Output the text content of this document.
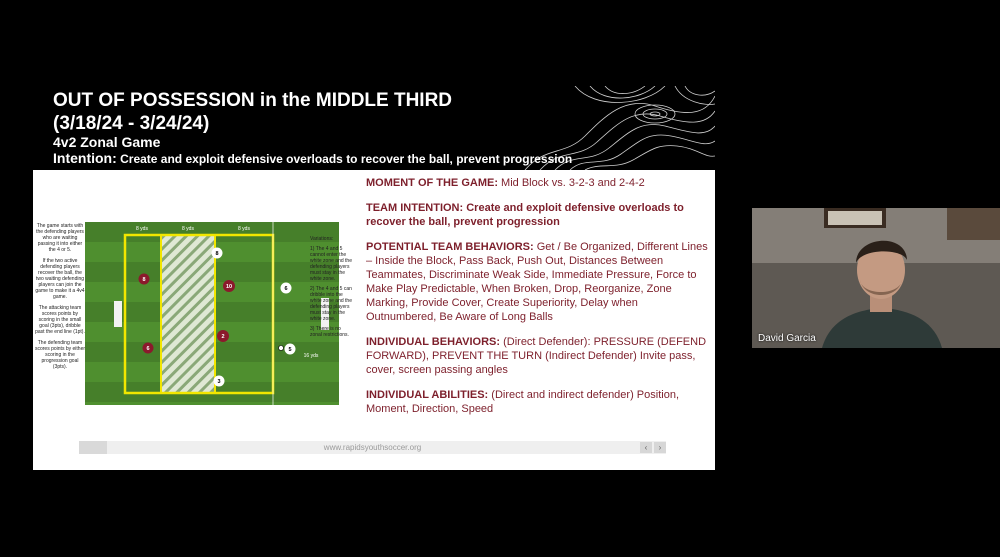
OUT OF POSSESSION in the MIDDLE THIRD
(3/18/24 - 3/24/24)
4v2 Zonal Game
Intention: Create and exploit defensive overloads to recover the ball, prevent progression

The game starts with the defending players who are waiting passing it into either the 4 or 5.

If the two active defending players recover the ball, the two waiting defending players can join the game to make it a 4v4 game.

The attacking team scores points by scoring in the small goal (3pts), dribble past the end line (1pt).

The defending team scores points by either scoring in the progression goal (3pts).

8 yds	8 yds	8 yds
16 yds
8
10
2
3
6
5
8
6

Variations:

1) The 4 and 5 cannot enter the white zone and the defending players must stay in the white zone.

2) The 4 and 5 can dribble into the white zone and the defending players must stay in the white zone.

3) There is no zonal restrictions.

MOMENT OF THE GAME: Mid Block vs. 3-2-3 and 2-4-2

TEAM INTENTION: Create and exploit defensive overloads to recover the ball, prevent progression

POTENTIAL TEAM BEHAVIORS: Get / Be Organized, Different Lines – Inside the Block, Pass Back, Push Out, Distances Between Teammates, Discriminate Weak Side, Immediate Pressure, Force to Make Play Predictable, When Broken, Drop, Reorganize, Zone Marking, Provide Cover, Create Superiority, Delay when Outnumbered, Be Aware of Long Balls

INDIVIDUAL BEHAVIORS: (Direct Defender): PRESSURE (DEFEND FORWARD), PREVENT THE TURN (Indirect Defender) Invite pass, cover, screen passing angles

INDIVIDUAL ABILITIES: (Direct and indirect defender) Position, Moment, Direction, Speed

www.rapidsyouthsoccer.org	‹	›
David Garcia
